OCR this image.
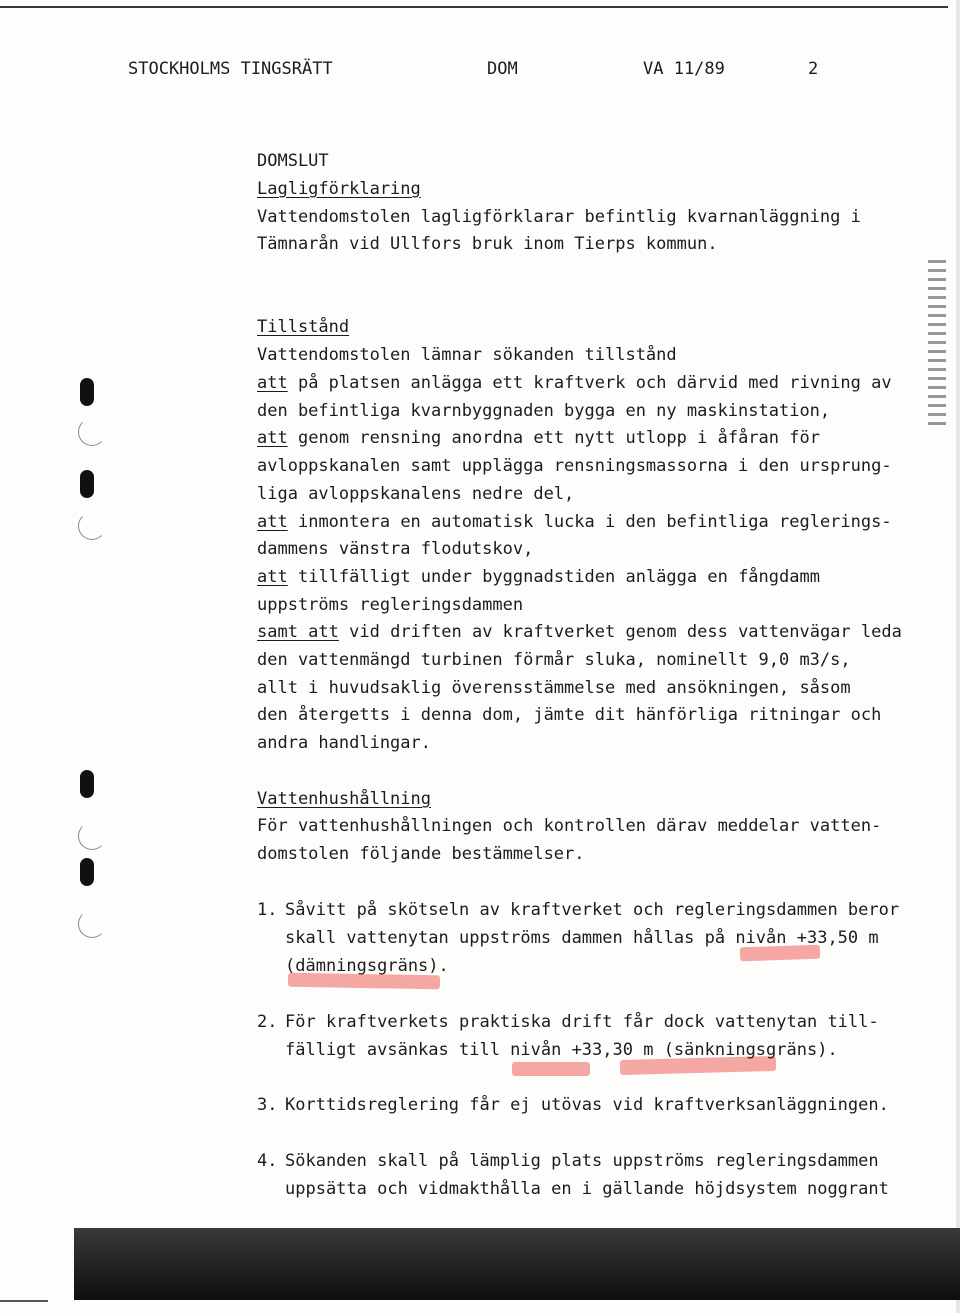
STOCKHOLMS TINGSRÄTT	DOM	VA 11/89	2
DOMSLUT
Lagligförklaring
Vattendomstolen lagligförklarar befintlig kvarnanläggning i
Tämnarån vid Ullfors bruk inom Tierps kommun.
Tillstånd
Vattendomstolen lämnar sökanden tillstånd
att på platsen anlägga ett kraftverk och därvid med rivning av
den befintliga kvarnbyggnaden bygga en ny maskinstation,
att genom rensning anordna ett nytt utlopp i åfåran för
avloppskanalen samt upplägga rensningsmassorna i den ursprung-
liga avloppskanalens nedre del,
att inmontera en automatisk lucka i den befintliga reglerings-
dammens vänstra flodutskov,
att tillfälligt under byggnadstiden anlägga en fångdamm
uppströms regleringsdammen
samt att vid driften av kraftverket genom dess vattenvägar leda
den vattenmängd turbinen förmår sluka, nominellt 9,0 m3/s,
allt i huvudsaklig överensstämmelse med ansökningen, såsom
den återgetts i denna dom, jämte dit hänförliga ritningar och
andra handlingar.
Vattenhushållning
För vattenhushållningen och kontrollen därav meddelar vatten-
domstolen följande bestämmelser.
1. Såvitt på skötseln av kraftverket och regleringsdammen beror
skall vattenytan uppströms dammen hållas på nivån +33,50 m
(dämningsgräns).
2. För kraftverkets praktiska drift får dock vattenytan till-
fälligt avsänkas till nivån +33,30 m (sänkningsgräns).
3. Korttidsreglering får ej utövas vid kraftverksanläggningen.
4. Sökanden skall på lämplig plats uppströms regleringsdammen
uppsätta och vidmakthålla en i gällande höjdsystem noggrant
